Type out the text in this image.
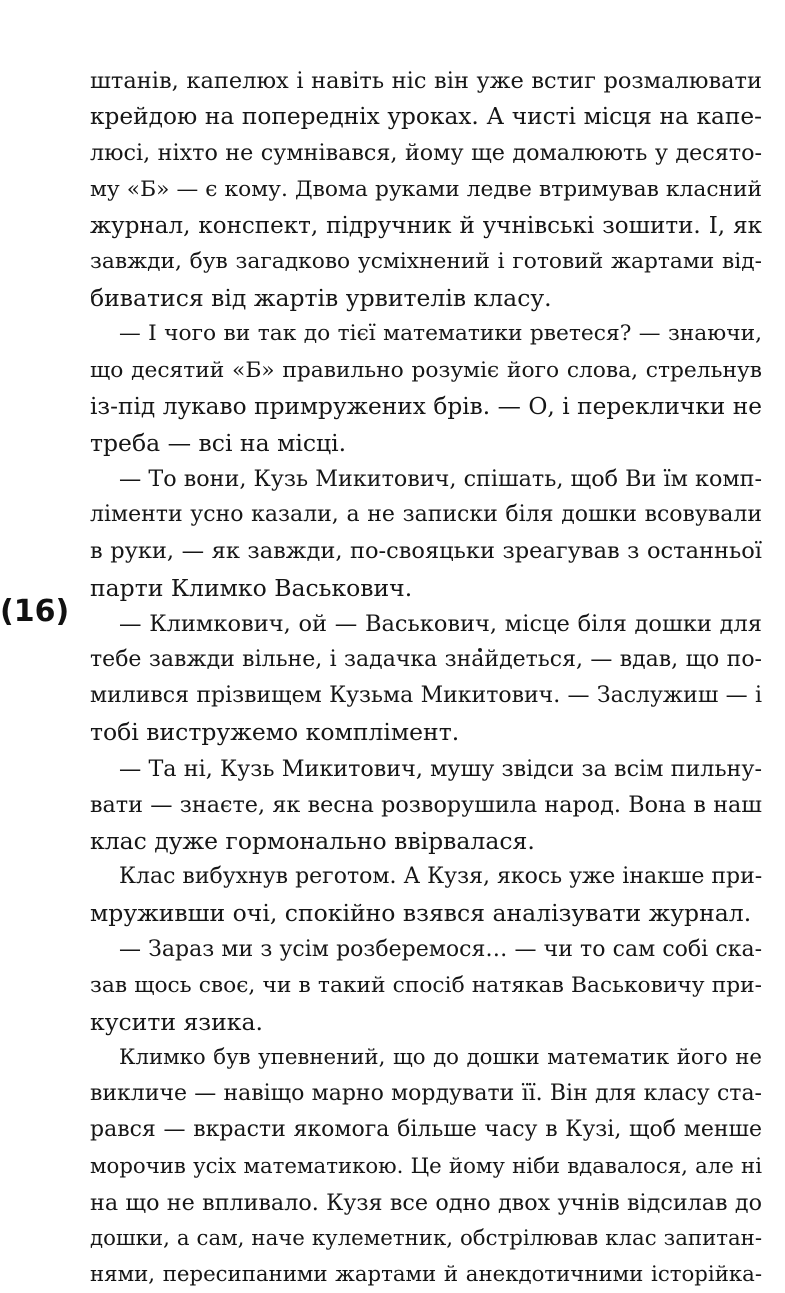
(16)
штанів, капелюх і навіть ніс він уже встиг розмалювати
крейдою на попередніх уроках. А чисті місця на капе-
люсі, ніхто не сумнівався, йому ще домалюють у десято-
му «Б» — є кому. Двома руками ледве втримував класний
журнал, конспект, підручник й учнівські зошити. І, як
завжди, був загадково усміхнений і готовий жартами від-
биватися від жартів урвителів класу.
— І чого ви так до тієї математики рветеся? — знаючи,
що десятий «Б» правильно розуміє його слова, стрельнув
із-під лукаво примружених брів. — О, і переклички не
треба — всі на місці.
— То вони, Кузь Микитович, спішать, щоб Ви їм комп-
ліменти усно казали, а не записки біля дошки всовували
в руки, — як завжди, по-свояцьки зреагував з останньої
парти Климко Васькович.
— Климкович, ой — Васькович, місце біля дошки для
тебе завжди вільне, і задачка знайдеться, — вдав, що по-
милився прізвищем Кузьма Микитович. — Заслужиш — і
тобі вистружемо комплімент.
— Та ні, Кузь Микитович, мушу звідси за всім пильну-
вати — знаєте, як весна розворушила народ. Вона в наш
клас дуже гормонально ввірвалася.
Клас вибухнув реготом. А Кузя, якось уже інакше при-
мруживши очі, спокійно взявся аналізувати журнал.
— Зараз ми з усім розберемося… — чи то сам собі ска-
зав щось своє, чи в такий спосіб натякав Васьковичу при-
кусити язика.
Климко був упевнений, що до дошки математик його не
викличе — навіщо марно мордувати її. Він для класу ста-
рався — вкрасти якомога більше часу в Кузі, щоб менше
морочив усіх математикою. Це йому ніби вдавалося, але ні
на що не впливало. Кузя все одно двох учнів відсилав до
дошки, а сам, наче кулеметник, обстрілював клас запитан-
нями, пересипаними жартами й анекдотичними історійка-
